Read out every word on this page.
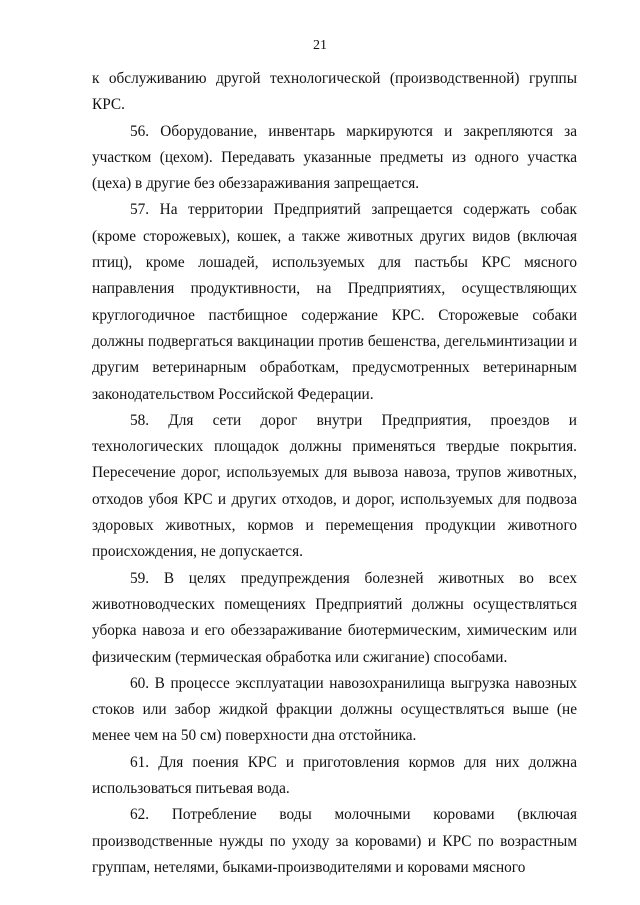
21

к обслуживанию другой технологической (производственной) группы КРС.

56. Оборудование, инвентарь маркируются и закрепляются за участком (цехом). Передавать указанные предметы из одного участка (цеха) в другие без обеззараживания запрещается.

57. На территории Предприятий запрещается содержать собак (кроме сторожевых), кошек, а также животных других видов (включая птиц), кроме лошадей, используемых для пастьбы КРС мясного направления продуктивности, на Предприятиях, осуществляющих круглогодичное пастбищное содержание КРС. Сторожевые собаки должны подвергаться вакцинации против бешенства, дегельминтизации и другим ветеринарным обработкам, предусмотренных ветеринарным законодательством Российской Федерации.

58. Для сети дорог внутри Предприятия, проездов и технологических площадок должны применяться твердые покрытия. Пересечение дорог, используемых для вывоза навоза, трупов животных, отходов убоя КРС и других отходов, и дорог, используемых для подвоза здоровых животных, кормов и перемещения продукции животного происхождения, не допускается.

59. В целях предупреждения болезней животных во всех животноводческих помещениях Предприятий должны осуществляться уборка навоза и его обеззараживание биотермическим, химическим или физическим (термическая обработка или сжигание) способами.

60. В процессе эксплуатации навозохранилища выгрузка навозных стоков или забор жидкой фракции должны осуществляться выше (не менее чем на 50 см) поверхности дна отстойника.

61. Для поения КРС и приготовления кормов для них должна использоваться питьевая вода.

62. Потребление воды молочными коровами (включая производственные нужды по уходу за коровами) и КРС по возрастным группам, нетелями, быками-производителями и коровами мясного
